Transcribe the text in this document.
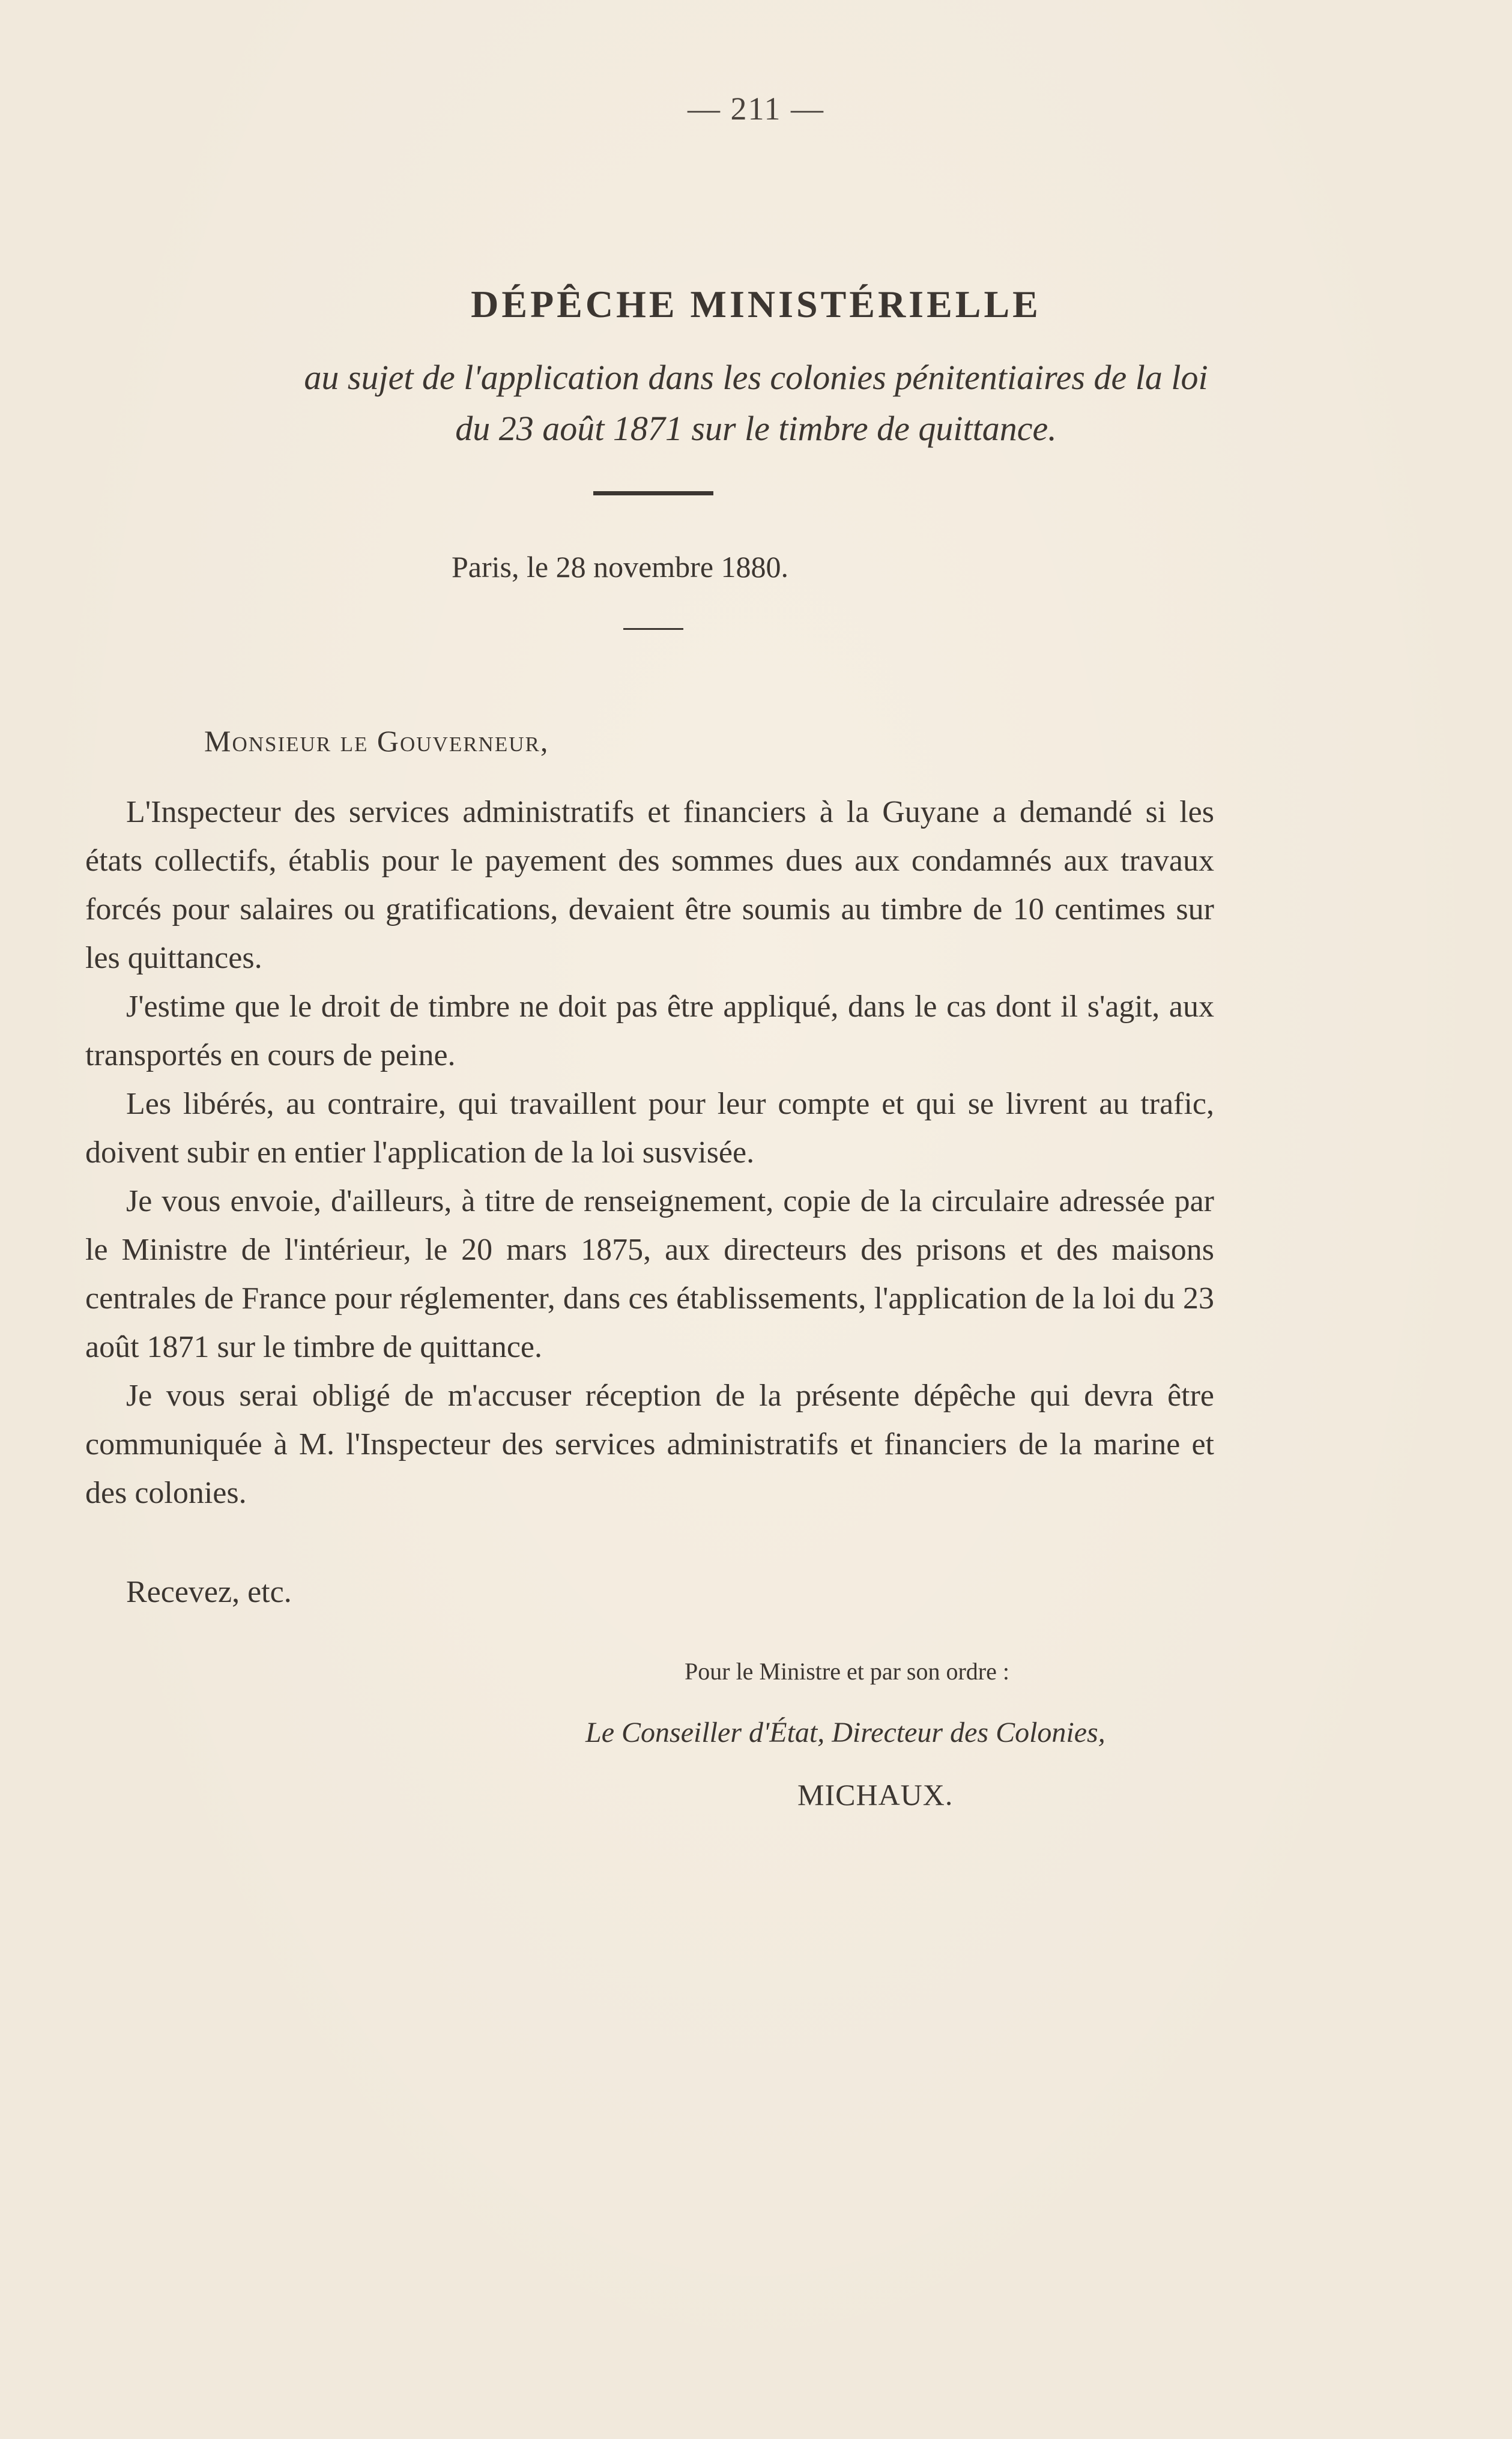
— 211 —
DÉPÊCHE MINISTÉRIELLE
au sujet de l'application dans les colonies pénitentiaires de la loi
du 23 août 1871 sur le timbre de quittance.
Paris, le 28 novembre 1880.
Monsieur le Gouverneur,

L'Inspecteur des services administratifs et financiers à la Guyane a demandé si les états collectifs, établis pour le payement des sommes dues aux condamnés aux travaux forcés pour salaires ou gratifications, devaient être soumis au timbre de 10 centimes sur les quittances.

J'estime que le droit de timbre ne doit pas être appliqué, dans le cas dont il s'agit, aux transportés en cours de peine.

Les libérés, au contraire, qui travaillent pour leur compte et qui se livrent au trafic, doivent subir en entier l'application de la loi susvisée.

Je vous envoie, d'ailleurs, à titre de renseignement, copie de la circulaire adressée par le Ministre de l'intérieur, le 20 mars 1875, aux directeurs des prisons et des maisons centrales de France pour réglementer, dans ces établissements, l'application de la loi du 23 août 1871 sur le timbre de quittance.

Je vous serai obligé de m'accuser réception de la présente dépêche qui devra être communiquée à M. l'Inspecteur des services administratifs et financiers de la marine et des colonies.

Recevez, etc.
Pour le Ministre et par son ordre :
Le Conseiller d'État, Directeur des Colonies,
MICHAUX.
